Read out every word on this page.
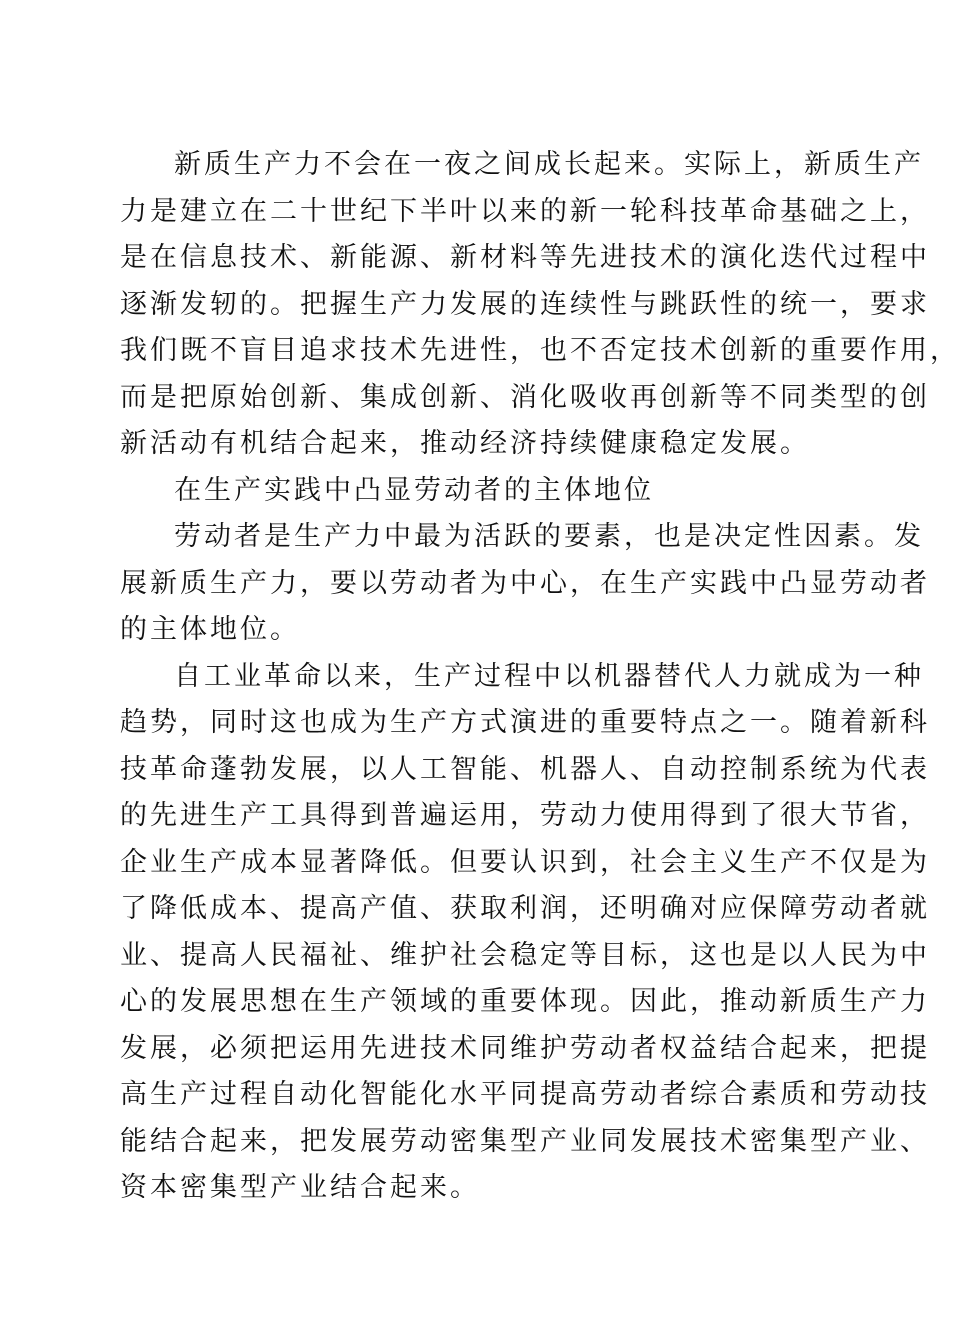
新质生产力不会在一夜之间成长起来。实际上，新质生产
力是建立在二十世纪下半叶以来的新一轮科技革命基础之上，
是在信息技术、新能源、新材料等先进技术的演化迭代过程中
逐渐发轫的。把握生产力发展的连续性与跳跃性的统一，要求
我们既不盲目追求技术先进性，也不否定技术创新的重要作用，
而是把原始创新、集成创新、消化吸收再创新等不同类型的创
新活动有机结合起来，推动经济持续健康稳定发展。
在生产实践中凸显劳动者的主体地位
劳动者是生产力中最为活跃的要素，也是决定性因素。发
展新质生产力，要以劳动者为中心，在生产实践中凸显劳动者
的主体地位。
自工业革命以来，生产过程中以机器替代人力就成为一种
趋势，同时这也成为生产方式演进的重要特点之一。随着新科
技革命蓬勃发展，以人工智能、机器人、自动控制系统为代表
的先进生产工具得到普遍运用，劳动力使用得到了很大节省，
企业生产成本显著降低。但要认识到，社会主义生产不仅是为
了降低成本、提高产值、获取利润，还明确对应保障劳动者就
业、提高人民福祉、维护社会稳定等目标，这也是以人民为中
心的发展思想在生产领域的重要体现。因此，推动新质生产力
发展，必须把运用先进技术同维护劳动者权益结合起来，把提
高生产过程自动化智能化水平同提高劳动者综合素质和劳动技
能结合起来，把发展劳动密集型产业同发展技术密集型产业、
资本密集型产业结合起来。
